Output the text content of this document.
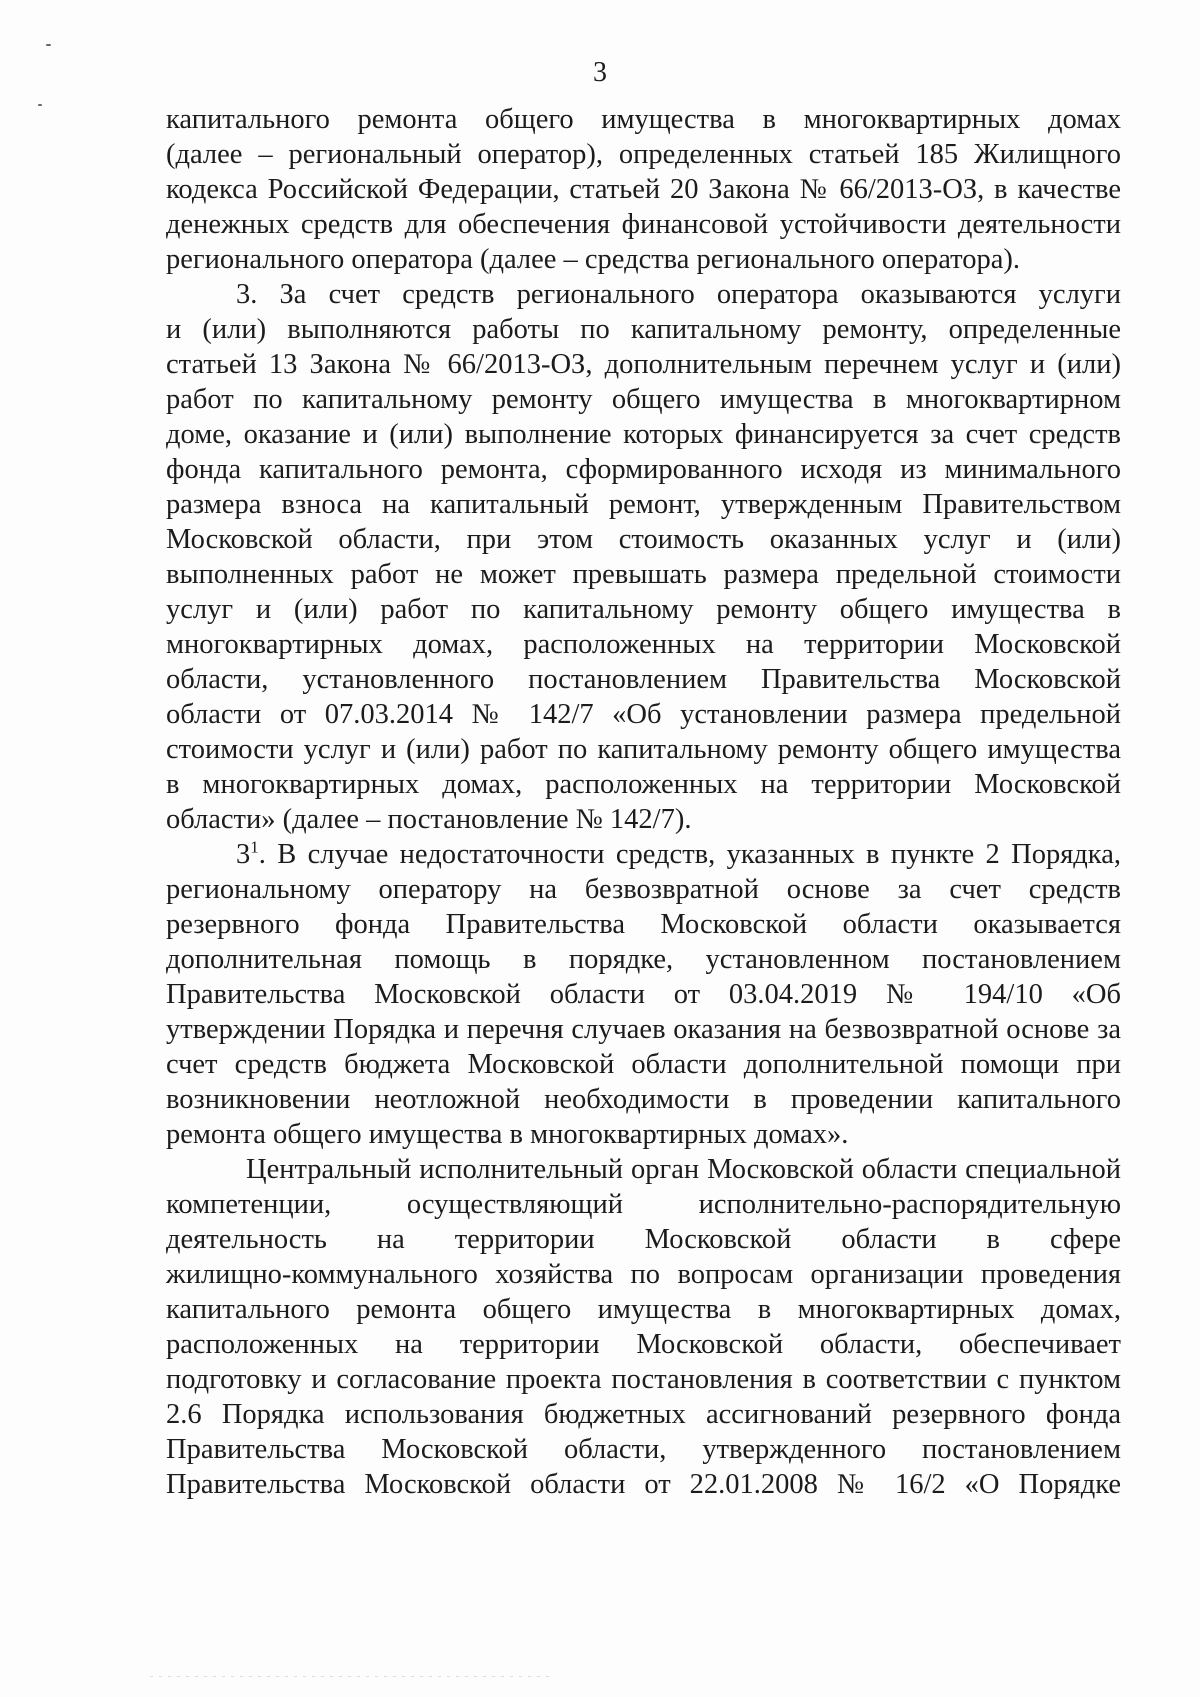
3
капитального ремонта общего имущества в многоквартирных домах
(далее – региональный оператор), определенных статьей 185 Жилищного
кодекса Российской Федерации, статьей 20 Закона № 66/2013-ОЗ, в качестве
денежных средств для обеспечения финансовой устойчивости деятельности
регионального оператора (далее – средства регионального оператора).
3. За счет средств регионального оператора оказываются услуги
и (или) выполняются работы по капитальному ремонту, определенные
статьей 13 Закона № 66/2013-ОЗ, дополнительным перечнем услуг и (или)
работ по капитальному ремонту общего имущества в многоквартирном
доме, оказание и (или) выполнение которых финансируется за счет средств
фонда капитального ремонта, сформированного исходя из минимального
размера взноса на капитальный ремонт, утвержденным Правительством
Московской области, при этом стоимость оказанных услуг и (или)
выполненных работ не может превышать размера предельной стоимости
услуг и (или) работ по капитальному ремонту общего имущества в
многоквартирных домах, расположенных на территории Московской
области, установленного постановлением Правительства Московской
области от 07.03.2014 № 142/7 «Об установлении размера предельной
стоимости услуг и (или) работ по капитальному ремонту общего имущества
в многоквартирных домах, расположенных на территории Московской
области» (далее – постановление № 142/7).
$3^1$. В случае недостаточности средств, указанных в пункте 2 Порядка,
региональному оператору на безвозвратной основе за счет средств
резервного фонда Правительства Московской области оказывается
дополнительная помощь в порядке, установленном постановлением
Правительства Московской области от 03.04.2019 № 194/10 «Об
утверждении Порядка и перечня случаев оказания на безвозвратной основе за
счет средств бюджета Московской области дополнительной помощи при
возникновении неотложной необходимости в проведении капитального
ремонта общего имущества в многоквартирных домах».
Центральный исполнительный орган Московской области специальной
компетенции, осуществляющий исполнительно-распорядительную
деятельность на территории Московской области в сфере
жилищно-коммунального хозяйства по вопросам организации проведения
капитального ремонта общего имущества в многоквартирных домах,
расположенных на территории Московской области, обеспечивает
подготовку и согласование проекта постановления в соответствии с пунктом
2.6 Порядка использования бюджетных ассигнований резервного фонда
Правительства Московской области, утвержденного постановлением
Правительства Московской области от 22.01.2008 № 16/2 «О Порядке
